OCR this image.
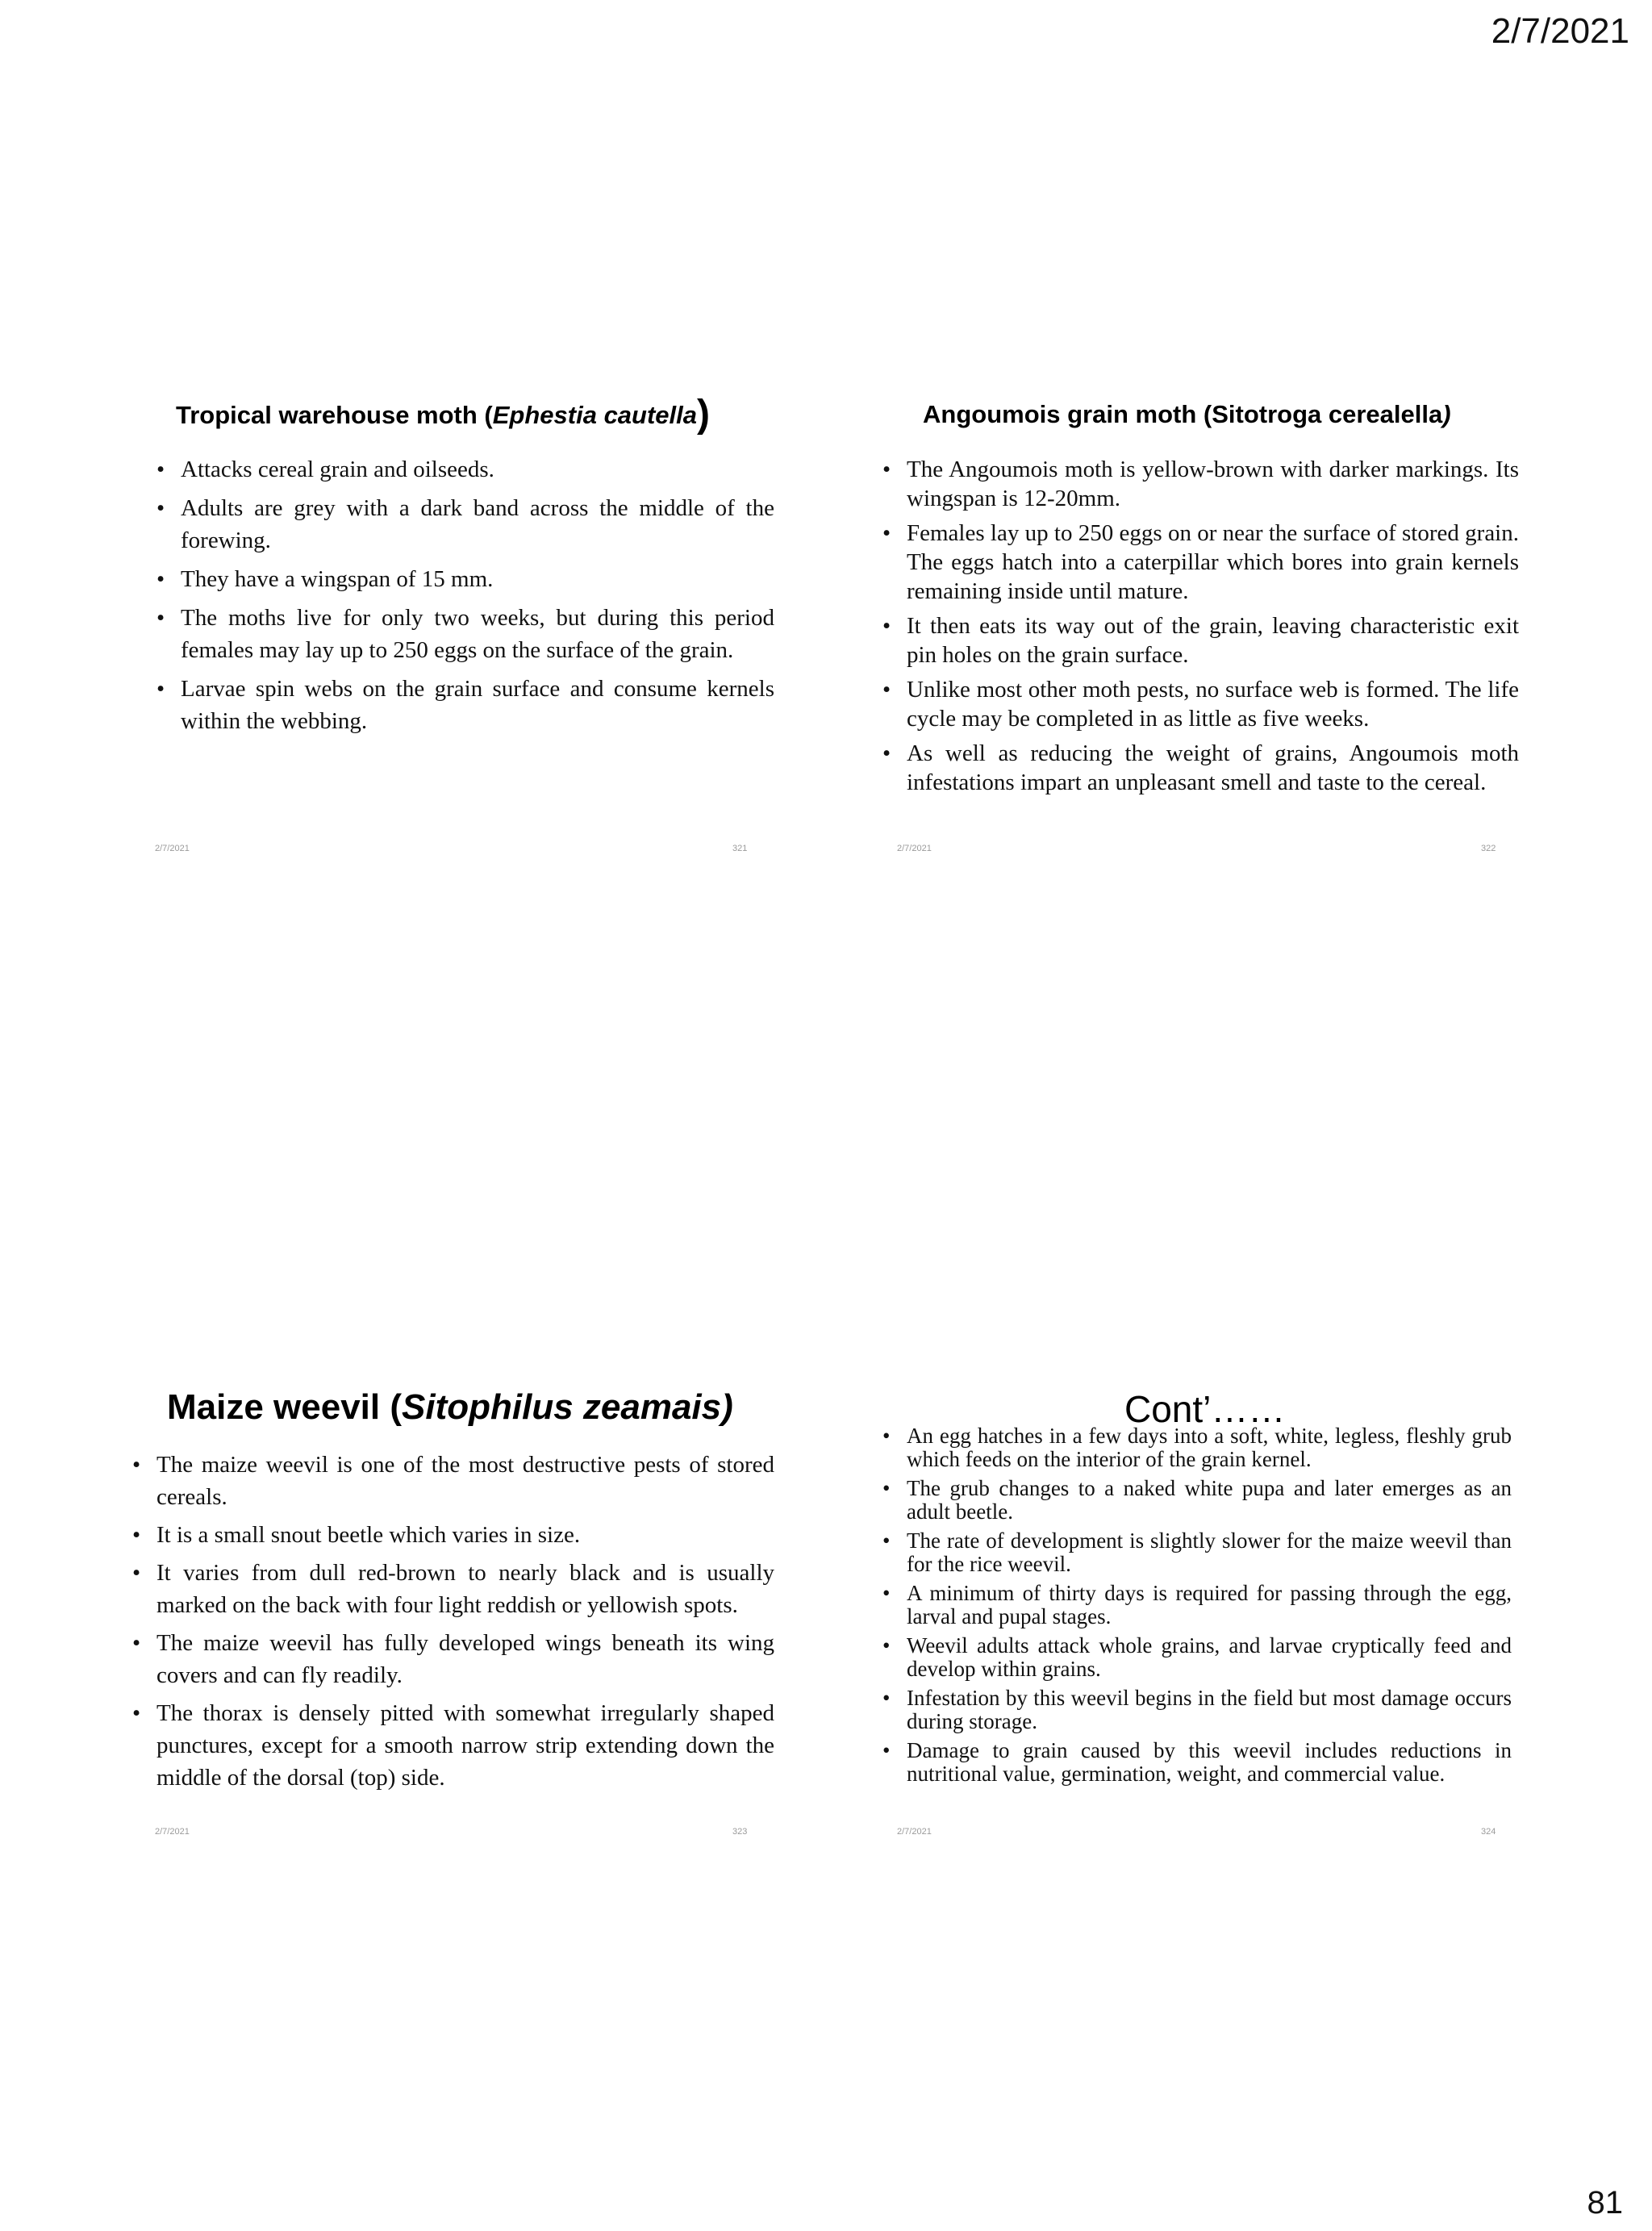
2/7/2021
Tropical warehouse moth (Ephestia cautella)
• Attacks cereal grain and oilseeds.
• Adults are grey with a dark band across the middle of the forewing.
• They have a wingspan of 15 mm.
• The moths live for only two weeks, but during this period females may lay up to 250 eggs on the surface of the grain.
• Larvae spin webs on the grain surface and consume kernels within the webbing.
2/7/2021	321
Angoumois grain moth (Sitotroga cerealella)
• The Angoumois moth is yellow-brown with darker markings. Its wingspan is 12-20mm.
• Females lay up to 250 eggs on or near the surface of stored grain. The eggs hatch into a caterpillar which bores into grain kernels remaining inside until mature.
• It then eats its way out of the grain, leaving characteristic exit pin holes on the grain surface.
• Unlike most other moth pests, no surface web is formed. The life cycle may be completed in as little as five weeks.
• As well as reducing the weight of grains, Angoumois moth infestations impart an unpleasant smell and taste to the cereal.
2/7/2021	322
Maize weevil (Sitophilus zeamais)
• The maize weevil is one of the most destructive pests of stored cereals.
• It is a small snout beetle which varies in size.
• It varies from dull red-brown to nearly black and is usually marked on the back with four light reddish or yellowish spots.
• The maize weevil has fully developed wings beneath its wing covers and can fly readily.
• The thorax is densely pitted with somewhat irregularly shaped punctures, except for a smooth narrow strip extending down the middle of the dorsal (top) side.
2/7/2021	323
Cont’……
• An egg hatches in a few days into a soft, white, legless, fleshly grub which feeds on the interior of the grain kernel.
• The grub changes to a naked white pupa and later emerges as an adult beetle.
• The rate of development is slightly slower for the maize weevil than for the rice weevil.
• A minimum of thirty days is required for passing through the egg, larval and pupal stages.
• Weevil adults attack whole grains, and larvae cryptically feed and develop within grains.
• Infestation by this weevil begins in the field but most damage occurs during storage.
• Damage to grain caused by this weevil includes reductions in nutritional value, germination, weight, and commercial value.
2/7/2021	324
81
